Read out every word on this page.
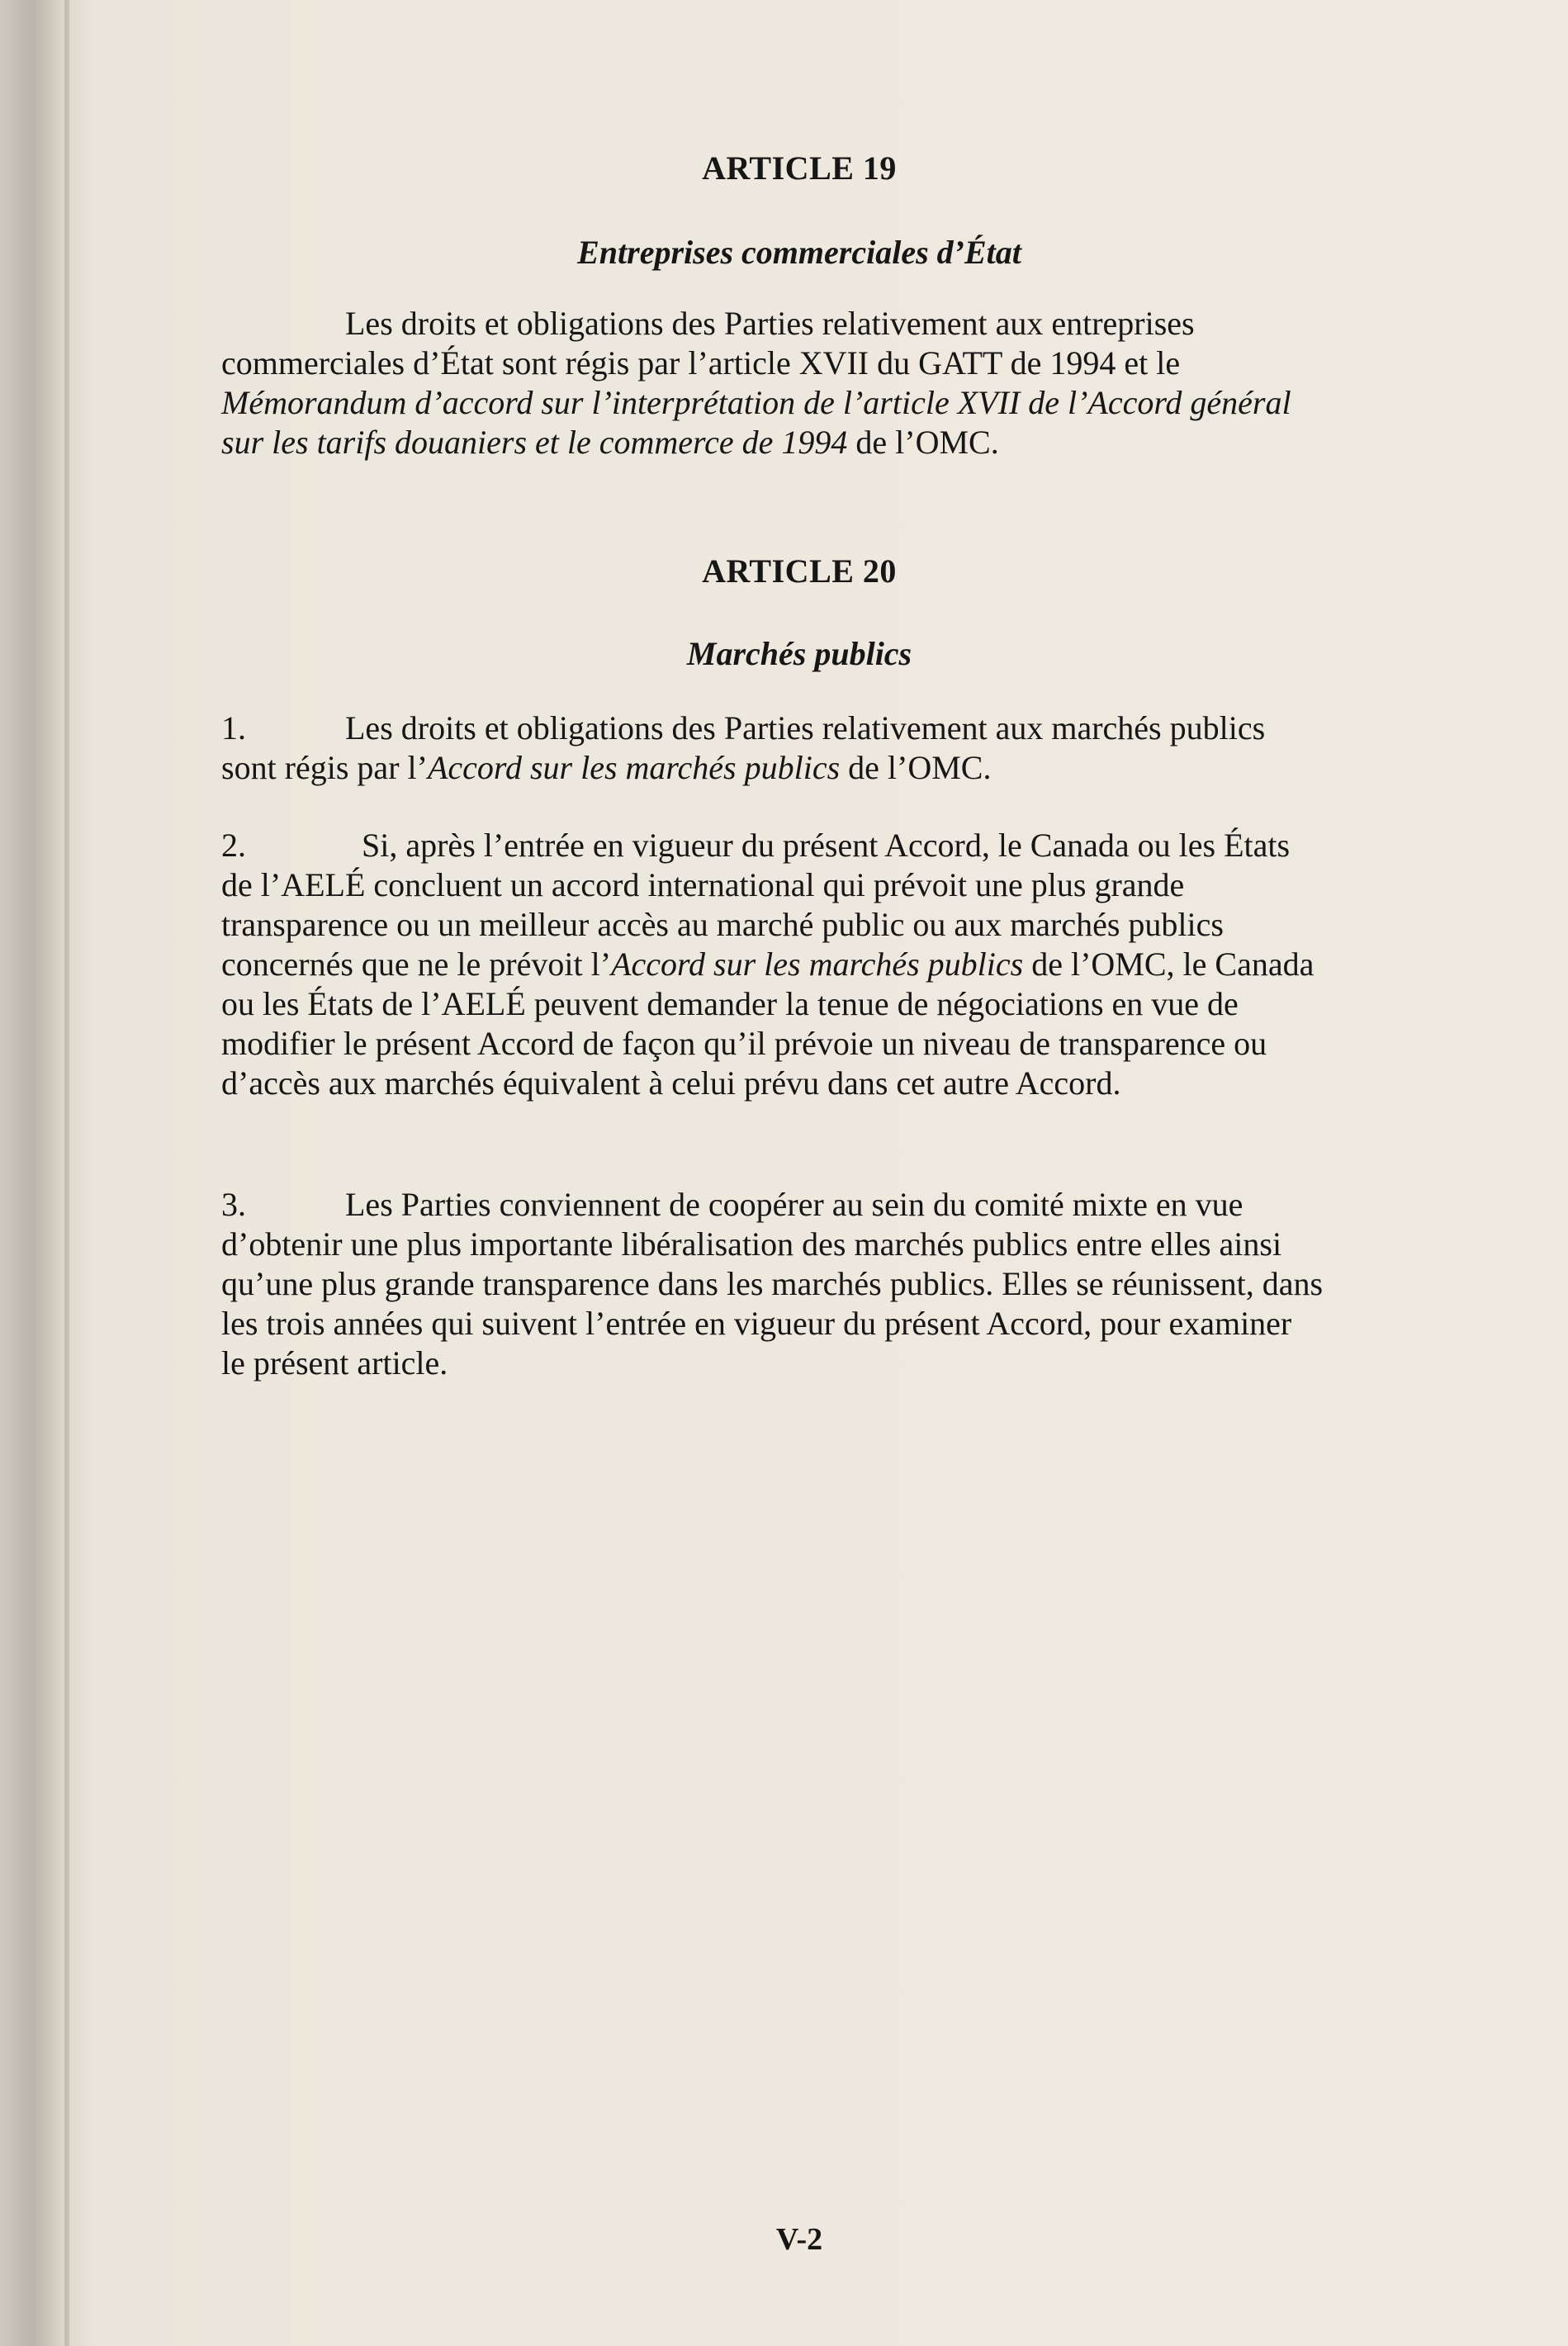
ARTICLE 19
Entreprises commerciales d’État

Les droits et obligations des Parties relativement aux entreprises commerciales d’État sont régis par l’article XVII du GATT de 1994 et le Mémorandum d’accord sur l’interprétation de l’article XVII de l’Accord général sur les tarifs douaniers et le commerce de 1994 de l’OMC.

ARTICLE 20
Marchés publics

1.	Les droits et obligations des Parties relativement aux marchés publics sont régis par l’Accord sur les marchés publics de l’OMC.

2.	Si, après l’entrée en vigueur du présent Accord, le Canada ou les États de l’AELÉ concluent un accord international qui prévoit une plus grande transparence ou un meilleur accès au marché public ou aux marchés publics concernés que ne le prévoit l’Accord sur les marchés publics de l’OMC, le Canada ou les États de l’AELÉ peuvent demander la tenue de négociations en vue de modifier le présent Accord de façon qu’il prévoie un niveau de transparence ou d’accès aux marchés équivalent à celui prévu dans cet autre Accord.

3.	Les Parties conviennent de coopérer au sein du comité mixte en vue d’obtenir une plus importante libéralisation des marchés publics entre elles ainsi qu’une plus grande transparence dans les marchés publics. Elles se réunissent, dans les trois années qui suivent l’entrée en vigueur du présent Accord, pour examiner le présent article.

V-2
